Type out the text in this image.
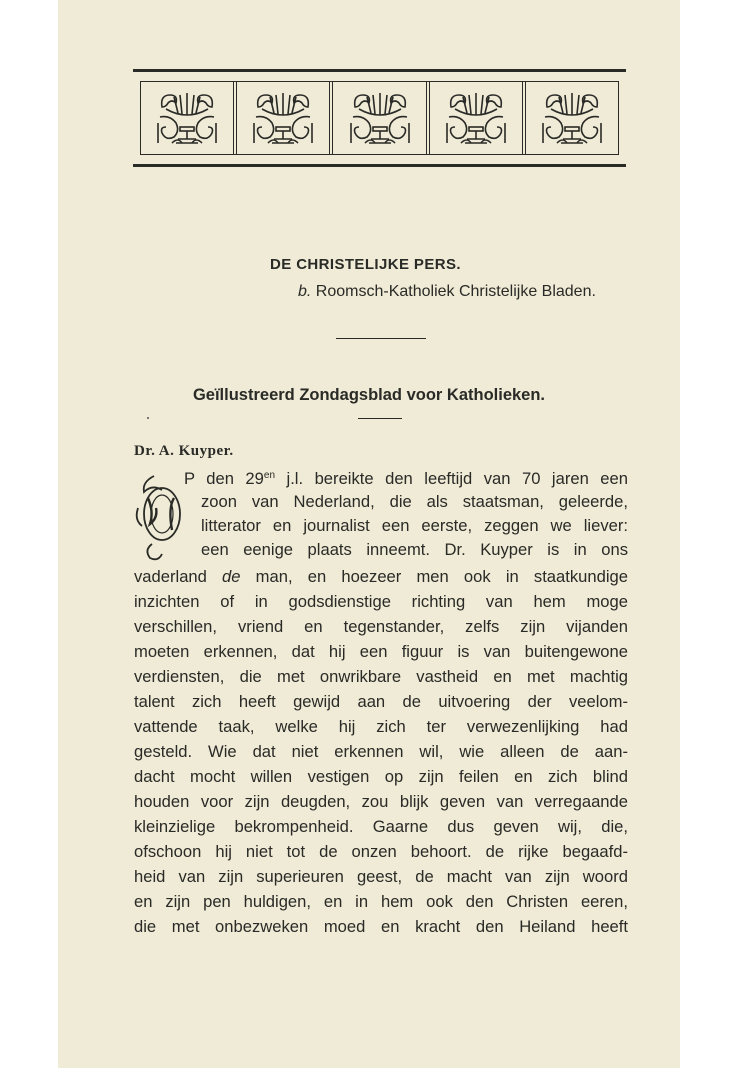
DE CHRISTELIJKE PERS.
b. Roomsch-Katholiek Christelijke Bladen.
Geïllustreerd Zondagsblad voor Katholieken.
Dr. A. Kuyper.
P den $29^{en}$ j.l. bereikte den leeftijd van 70 jaren een
zoon van Nederland, die als staatsman, geleerde,
litterator en journalist een eerste, zeggen we liever:
een eenige plaats inneemt. Dr. Kuyper is in ons
vaderland de man, en hoezeer men ook in staatkundige
inzichten of in godsdienstige richting van hem moge
verschillen, vriend en tegenstander, zelfs zijn vijanden
moeten erkennen, dat hij een figuur is van buitengewone
verdiensten, die met onwrikbare vastheid en met machtig
talent zich heeft gewijd aan de uitvoering der veelom-
vattende taak, welke hij zich ter verwezenlijking had
gesteld. Wie dat niet erkennen wil, wie alleen de aan-
dacht mocht willen vestigen op zijn feilen en zich blind
houden voor zijn deugden, zou blijk geven van verregaande
kleinzielige bekrompenheid. Gaarne dus geven wij, die,
ofschoon hij niet tot de onzen behoort. de rijke begaafd-
heid van zijn superieuren geest, de macht van zijn woord
en zijn pen huldigen, en in hem ook den Christen eeren,
die met onbezweken moed en kracht den Heiland heeft
